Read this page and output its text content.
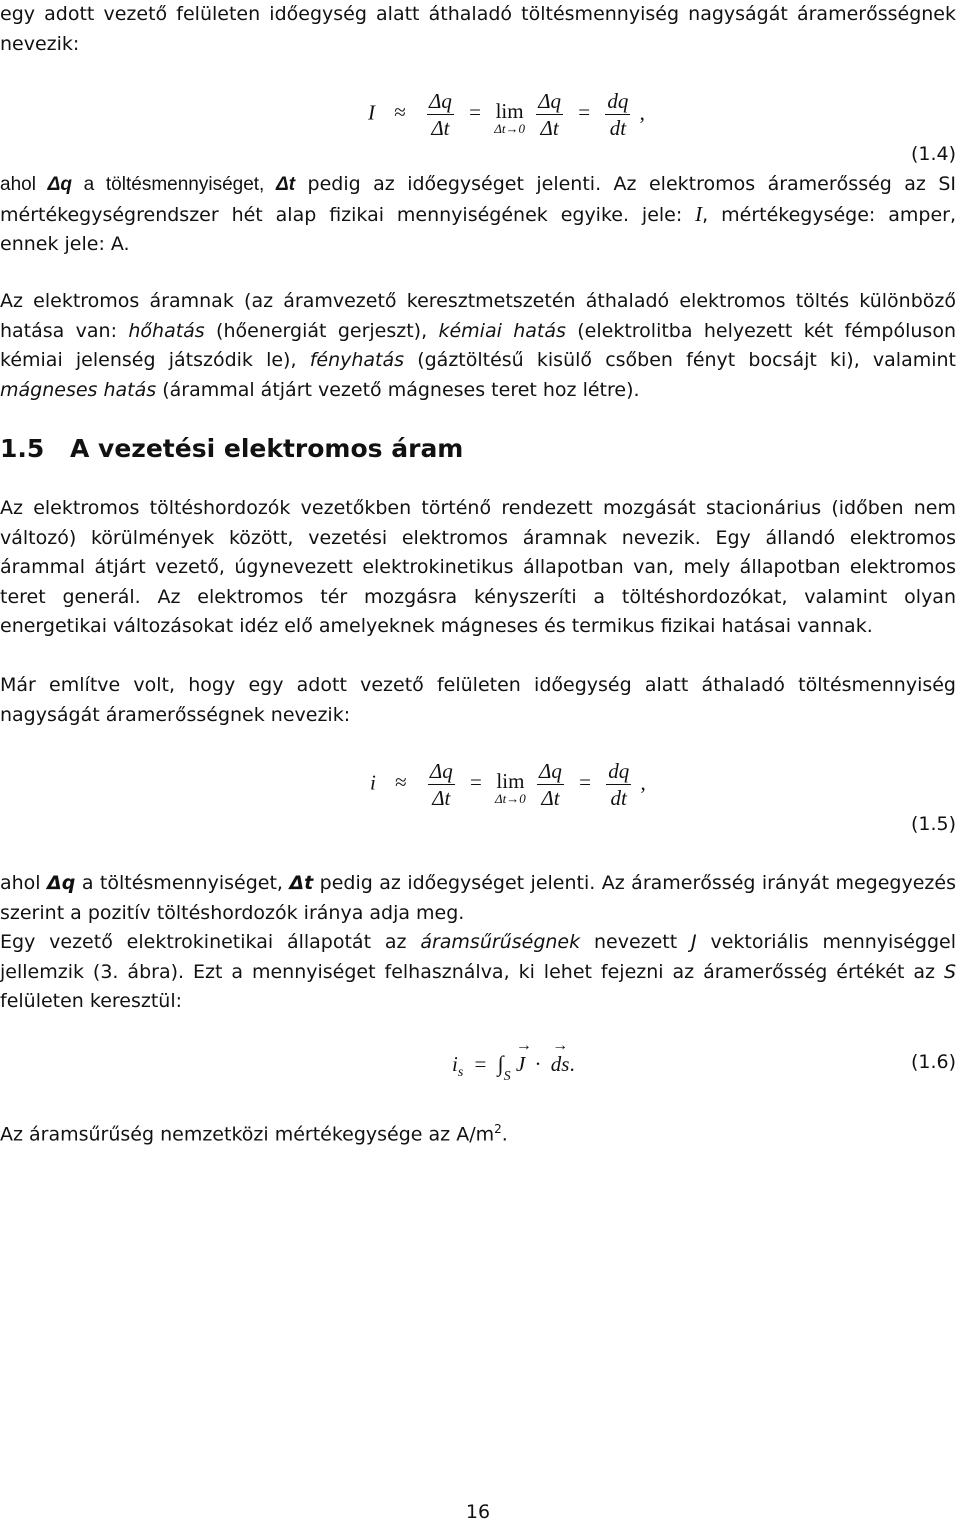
egy adott vezető felületen időegység alatt áthaladó töltésmennyiség nagyságát áramerősségnek nevezik:

$I \approx \frac{\Delta q}{\Delta t} = \lim$
Δt→0
$\frac{\Delta q}{\Delta t} = \frac{dq}{dt}$ ,
(1.4)

ahol Δq a töltésmennyiséget, Δt pedig az időegységet jelenti. Az elektromos áramerősség az SI mértékegységrendszer hét alap fizikai mennyiségének egyike. jele: I, mértékegysége: amper, ennek jele: A.

Az elektromos áramnak (az áramvezető keresztmetszetén áthaladó elektromos töltés különböző hatása van: hőhatás (hőenergiát gerjeszt), kémiai hatás (elektrolitba helyezett két fémpóluson kémiai jelenség játszódik le), fényhatás (gáztöltésű kisülő csőben fényt bocsájt ki), valamint mágneses hatás (árammal átjárt vezető mágneses teret hoz létre).

1.5 A vezetési elektromos áram

Az elektromos töltéshordozók vezetőkben történő rendezett mozgását stacionárius (időben nem változó) körülmények között, vezetési elektromos áramnak nevezik. Egy állandó elektromos árammal átjárt vezető, úgynevezett elektrokinetikus állapotban van, mely állapotban elektromos teret generál. Az elektromos tér mozgásra kényszeríti a töltéshordozókat, valamint olyan energetikai változásokat idéz elő amelyeknek mágneses és termikus fizikai hatásai vannak.

Már említve volt, hogy egy adott vezető felületen időegység alatt áthaladó töltésmennyiség nagyságát áramerősségnek nevezik:

$i \approx \frac{\Delta q}{\Delta t} = \lim$
Δt→0
$\frac{\Delta q}{\Delta t} = \frac{dq}{dt}$ ,
(1.5)

ahol Δq a töltésmennyiséget, Δt pedig az időegységet jelenti. Az áramerősség irányát megegyezés szerint a pozitív töltéshordozók iránya adja meg.

Egy vezető elektrokinetikai állapotát az áramsűrűségnek nevezett J vektoriális mennyiséggel jellemzik (3. ábra). Ezt a mennyiséget felhasználva, ki lehet fejezni az áramerősség értékét az S felületen keresztül:

$i_s = \int_S \to J$ · → ds.	(1.6)

Az áramsűrűség nemzetközi mértékegysége az $A/m^2$.

16
